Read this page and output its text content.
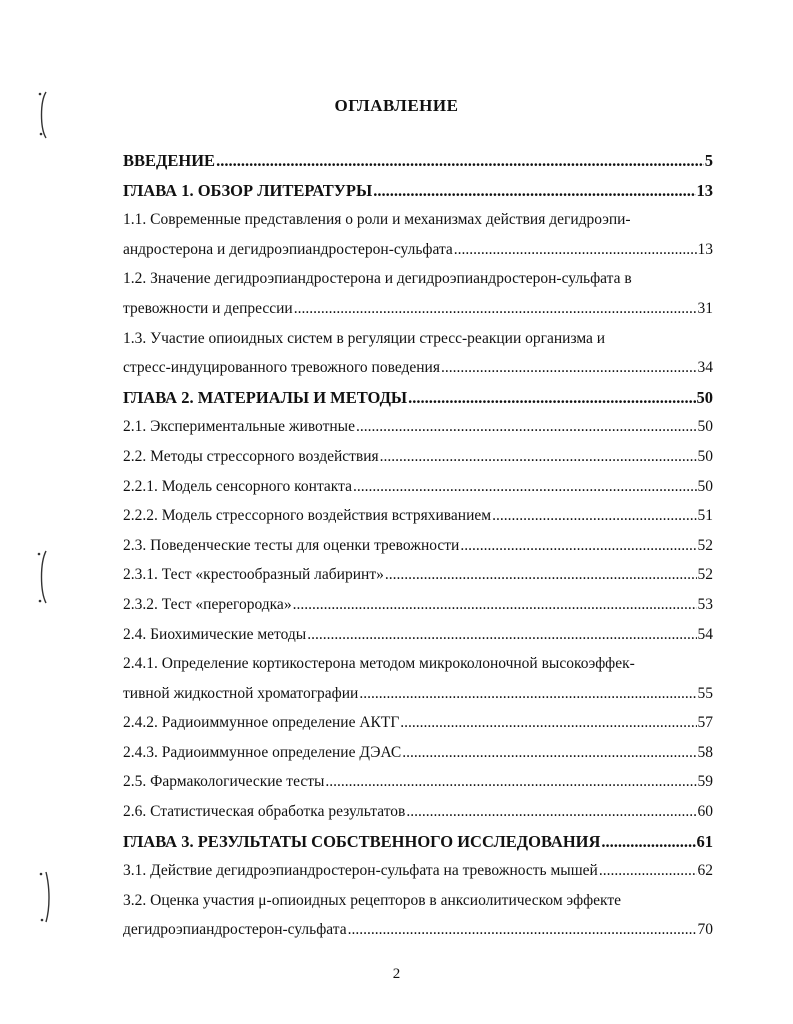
ОГЛАВЛЕНИЕ
ВВЕДЕНИЕ .....	5
ГЛАВА 1. ОБЗОР ЛИТЕРАТУРЫ .....	13
1.1. Современные представления о роли и механизмах действия дегидроэпи-
андростерона и дегидроэпиандростерон-сульфата .....	13
1.2. Значение дегидроэпиандростерона и дегидроэпиандростерон-сульфата в
тревожности и депрессии .....	31
1.3. Участие опиоидных систем в регуляции стресс-реакции организма и
стресс-индуцированного тревожного поведения .....	34
ГЛАВА 2. МАТЕРИАЛЫ И МЕТОДЫ .....	50
2.1. Экспериментальные животные .....	50
2.2. Методы стрессорного воздействия .....	50
2.2.1. Модель сенсорного контакта .....	50
2.2.2. Модель стрессорного воздействия встряхиванием .....	51
2.3. Поведенческие тесты для оценки тревожности .....	52
2.3.1. Тест «крестообразный лабиринт» .....	52
2.3.2. Тест «перегородка» .....	53
2.4. Биохимические методы .....	54
2.4.1. Определение кортикостерона методом микроколоночной высокоэффек-
тивной жидкостной хроматографии .....	55
2.4.2. Радиоиммунное определение АКТГ .....	57
2.4.3. Радиоиммунное определение ДЭАС .....	58
2.5. Фармакологические тесты .....	59
2.6. Статистическая обработка результатов .....	60
ГЛАВА 3. РЕЗУЛЬТАТЫ СОБСТВЕННОГО ИССЛЕДОВАНИЯ .....	61
3.1. Действие дегидроэпиандростерон-сульфата на тревожность мышей .....	62
3.2. Оценка участия μ-опиоидных рецепторов в анксиолитическом эффекте
дегидроэпиандростерон-сульфата .....	70
2
